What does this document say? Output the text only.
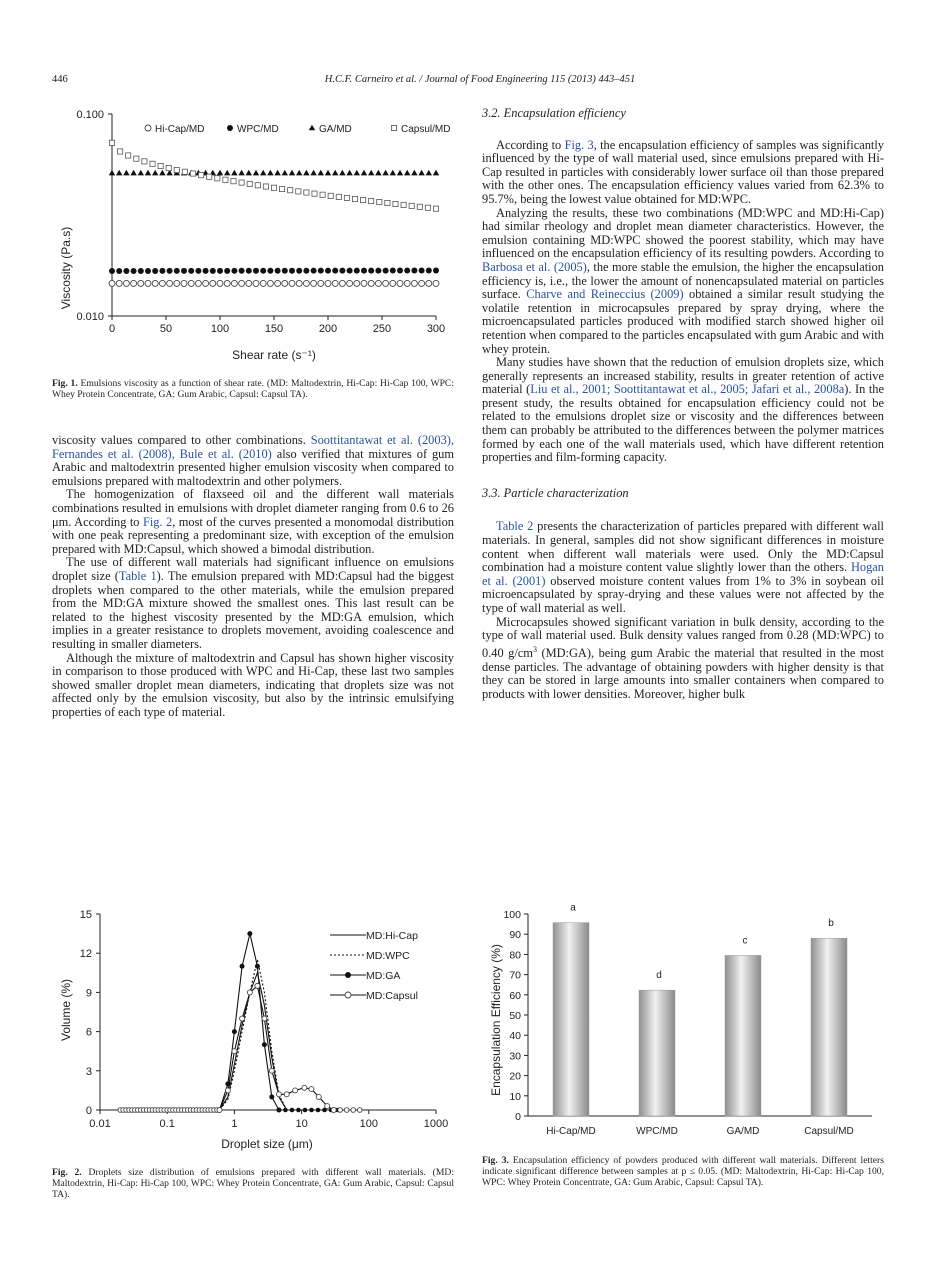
446	H.C.F. Carneiro et al. / Journal of Food Engineering 115 (2013) 443–451
0	50	100	150	200	250	300
0.100
0.010
Hi-Cap/MD	WPC/MD	GA/MD	Capsul/MD
Viscosity (Pa.s)
Shear rate (s⁻¹)
Fig. 1. Emulsions viscosity as a function of shear rate. (MD: Maltodextrin, Hi-Cap: Hi-Cap 100, WPC: Whey Protein Concentrate, GA: Gum Arabic, Capsul: Capsul TA).

viscosity values compared to other combinations. Soottitantawat et al. (2003), Fernandes et al. (2008), Bule et al. (2010) also verified that mixtures of gum Arabic and maltodextrin presented higher emulsion viscosity when compared to emulsions prepared with maltodextrin and other polymers.

The homogenization of flaxseed oil and the different wall materials combinations resulted in emulsions with droplet diameter ranging from 0.6 to 26 μm. According to Fig. 2, most of the curves presented a monomodal distribution with one peak representing a predominant size, with exception of the emulsion prepared with MD:Capsul, which showed a bimodal distribution.

The use of different wall materials had significant influence on emulsions droplet size (Table 1). The emulsion prepared with MD:Capsul had the biggest droplets when compared to the other materials, while the emulsion prepared from the MD:GA mixture showed the smallest ones. This last result can be related to the highest viscosity presented by the MD:GA emulsion, which implies in a greater resistance to droplets movement, avoiding coalescence and resulting in smaller diameters.

Although the mixture of maltodextrin and Capsul has shown higher viscosity in comparison to those produced with WPC and Hi-Cap, these last two samples showed smaller droplet mean diameters, indicating that droplets size was not affected only by the emulsion viscosity, but also by the intrinsic emulsifying properties of each type of material.

3.2. Encapsulation efficiency

According to Fig. 3, the encapsulation efficiency of samples was significantly influenced by the type of wall material used, since emulsions prepared with Hi-Cap resulted in particles with considerably lower surface oil than those prepared with the other ones. The encapsulation efficiency values varied from 62.3% to 95.7%, being the lowest value obtained for MD:WPC.

Analyzing the results, these two combinations (MD:WPC and MD:Hi-Cap) had similar rheology and droplet mean diameter characteristics. However, the emulsion containing MD:WPC showed the poorest stability, which may have influenced on the encapsulation efficiency of its resulting powders. According to Barbosa et al. (2005), the more stable the emulsion, the higher the encapsulation efficiency is, i.e., the lower the amount of nonencapsulated material on particles surface. Charve and Reineccius (2009) obtained a similar result studying the volatile retention in microcapsules prepared by spray drying, where the microencapsulated particles produced with modified starch showed higher oil retention when compared to the particles encapsulated with gum Arabic and with whey protein.

Many studies have shown that the reduction of emulsion droplets size, which generally represents an increased stability, results in greater retention of active material (Liu et al., 2001; Soottitantawat et al., 2005; Jafari et al., 2008a). In the present study, the results obtained for encapsulation efficiency could not be related to the emulsions droplet size or viscosity and the differences between them can probably be attributed to the differences between the polymer matrices formed by each one of the wall materials used, which have different retention properties and film-forming capacity.

3.3. Particle characterization

Table 2 presents the characterization of particles prepared with different wall materials. In general, samples did not show significant differences in moisture content when different wall materials were used. Only the MD:Capsul combination had a moisture content value slightly lower than the others. Hogan et al. (2001) observed moisture content values from 1% to 3% in soybean oil microencapsulated by spray-drying and these values were not affected by the type of wall material as well.

Microcapsules showed significant variation in bulk density, according to the type of wall material used. Bulk density values ranged from 0.28 (MD:WPC) to 0.40 $g/cm^3$ (MD:GA), being gum Arabic the material that resulted in the most dense particles. The advantage of obtaining powders with higher density is that they can be stored in large amounts into smaller containers when compared to products with lower densities. Moreover, higher bulk

0.01	0.1	1	10	100	1000
0
3
6
9
12
15
MD:Hi-Cap
MD:WPC
MD:GA
MD:Capsul
Volume (%)
Droplet size (μm)
Fig. 2. Droplets size distribution of emulsions prepared with different wall materials. (MD: Maltodextrin, Hi-Cap: Hi-Cap 100, WPC: Whey Protein Concentrate, GA: Gum Arabic, Capsul: Capsul TA).
0
10
20
30
40
50
60
70
80
90
100
Hi-Cap/MD	WPC/MD	GA/MD	Capsul/MD
a
d
c
b
Encapsulation Efficiency (%)
Fig. 3. Encapsulation efficiency of powders produced with different wall materials. Different letters indicate significant difference between samples at p ≤ 0.05. (MD: Maltodextrin, Hi-Cap: Hi-Cap 100, WPC: Whey Protein Concentrate, GA: Gum Arabic, Capsul: Capsul TA).
